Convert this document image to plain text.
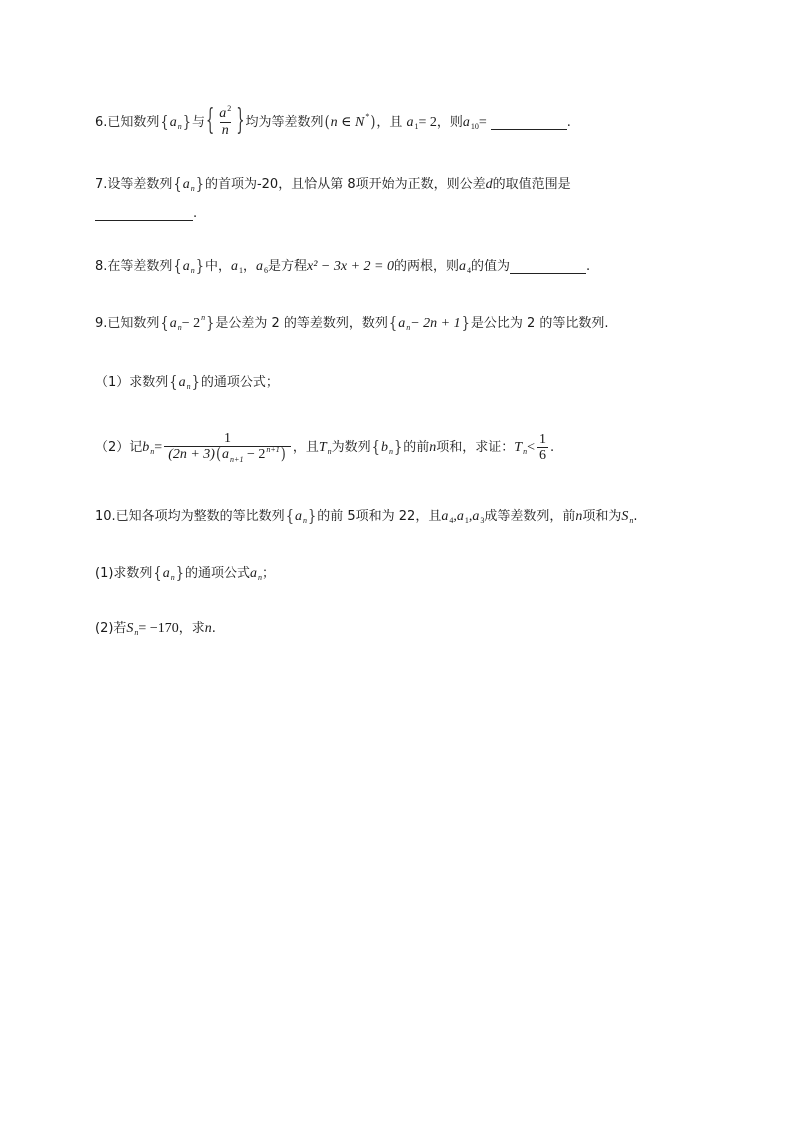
6.已知数列 { a n } 与 { $\frac{a^2}{n}$ } 均为等差数列 ( n ∈ N * ) ，且 a 1 = 2 ，则 a 10 =	.
7.设等差数列 { a n } 的首项为-20，且恰从第 8项开始为正数，则公差 d 的取值范围是
.
8.在等差数列 { a n } 中， a 1 ， a 6 是方程 x² − 3x + 2 = 0 的两根，则 a 4 的值为	.
9.已知数列 { a n − 2 n } 是公差为 2 的等差数列，数列 { a n − 2n + 1 } 是公比为 2 的等比数列.
（1）求数列 { a n } 的通项公式；
（2）记 b $n = \frac{1}{(2n + 3)(a_{n+1} - 2^{n+1})}$ ，且 T n 为数列 { b n } 的前 n 项和，求证： T $n < \frac{1}{6}$ .
10.已知各项均为整数的等比数列 { a n } 的前 5项和为 22，且 a 4 , a 1 , a 3 成等差数列，前 n 项和为 S n .
(1)求数列 { a n } 的通项公式 a n ；
(2)若 S n = −170 ，求 n .
